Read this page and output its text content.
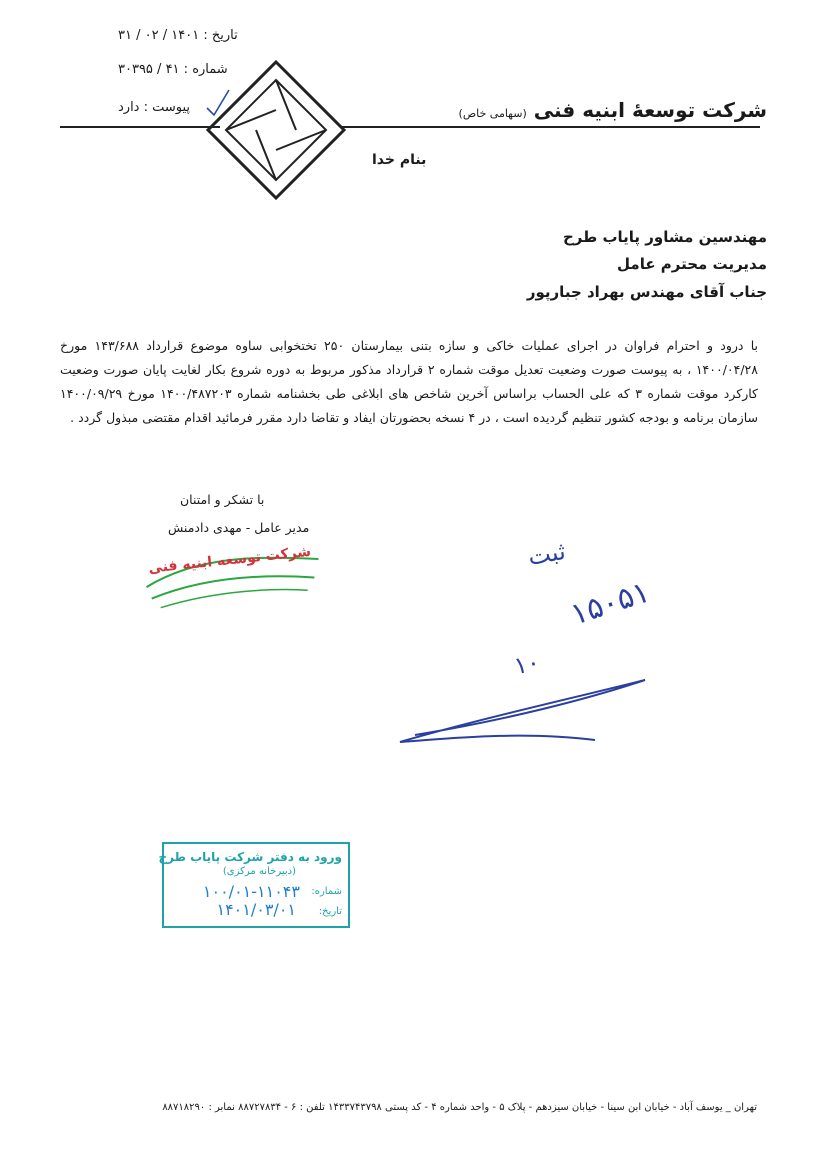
تاریخ : ۱۴۰۱ / ۰۲ / ۳۱
شماره : ۴۱ / ۳۰۳۹۵
پیوست : دارد	شرکت توسعهٔ ابنیه فنی (سهامی خاص)
بنام خدا
مهندسین مشاور پایاب طرح
مدیریت محترم عامل
جناب آقای مهندس بهراد جبارپور
با درود و احترام فراوان در اجرای عملیات خاکی و سازه بتنی بیمارستان ۲۵۰ تختخوابی ساوه موضوع قرارداد ۱۴۳/۶۸۸ مورخ ۱۴۰۰/۰۴/۲۸ ، به پیوست صورت وضعیت تعدیل موقت شماره ۲ قرارداد مذکور مربوط به دوره شروع بکار لغایت پایان صورت وضعیت کارکرد موقت شماره ۳ که علی الحساب براساس آخرین شاخص های ابلاغی طی بخشنامه شماره ۱۴۰۰/۴۸۷۲۰۳ مورخ ۱۴۰۰/۰۹/۲۹ سازمان برنامه و بودجه کشور تنظیم گردیده است ، در ۴ نسخه بحضورتان ایفاد و تقاضا دارد مقرر فرمائید اقدام مقتضی مبذول گردد .
با تشکر و امتنان
مدیر عامل - مهدی دادمنش
شرکت توسعه ابنیه فنی	ثبت
۱۵۰۵۱
۱۰
ورود به دفتر شرکت پایاب طرح
(دبیرخانه مرکزی)
شماره:
۱۰۰/۰۱-۱۱۰۴۳
تاریخ:
۱۴۰۱/۰۳/۰۱
تهران _ یوسف آباد - خیابان ابن سینا - خیابان سیزدهم - پلاک ۵ - واحد شماره ۴ - کد پستی ۱۴۳۳۷۴۳۷۹۸ تلفن : ۶ - ۸۸۷۲۷۸۳۴ نمابر : ۸۸۷۱۸۲۹۰
